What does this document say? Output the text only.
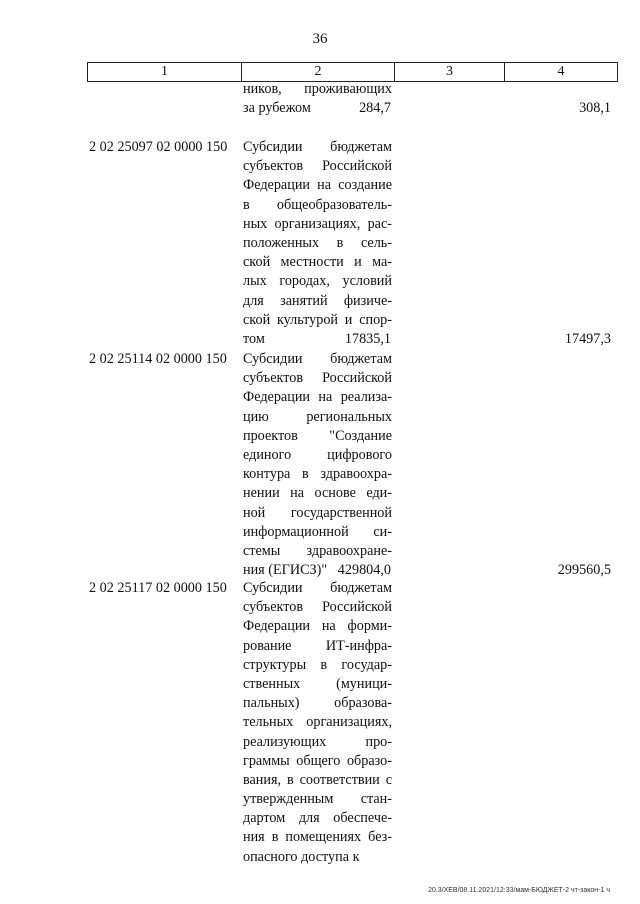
36
1	2	3	4
ников, проживающих
за рубежом	284,7	308,1
2 02 25097 02 0000 150	Субсидии бюджетам
субъектов Российской
Федерации на создание
в общеобразователь-
ных организациях, рас-
положенных в сель-
ской местности и ма-
лых городах, условий
для занятий физиче-
ской культурой и спор-
том	17835,1	17497,3
2 02 25114 02 0000 150	Субсидии бюджетам
субъектов Российской
Федерации на реализа-
цию региональных
проектов "Создание
единого цифрового
контура в здравоохра-
нении на основе еди-
ной государственной
информационной си-
стемы здравоохране-
ния (ЕГИСЗ)" 429804,0	299560,5
2 02 25117 02 0000 150	Субсидии бюджетам
субъектов Российской
Федерации на форми-
рование ИТ-инфра-
структуры в государ-
ственных (муници-
пальных) образова-
тельных организациях,
реализующих про-
граммы общего образо-
вания, в соответствии с
утвержденным стан-
дартом для обеспече-
ния в помещениях без-
опасного доступа к
20.3/ХЕВ/08.11.2021/12:33/мам-БЮДЖЕТ-2 чт-закон-1 ч
